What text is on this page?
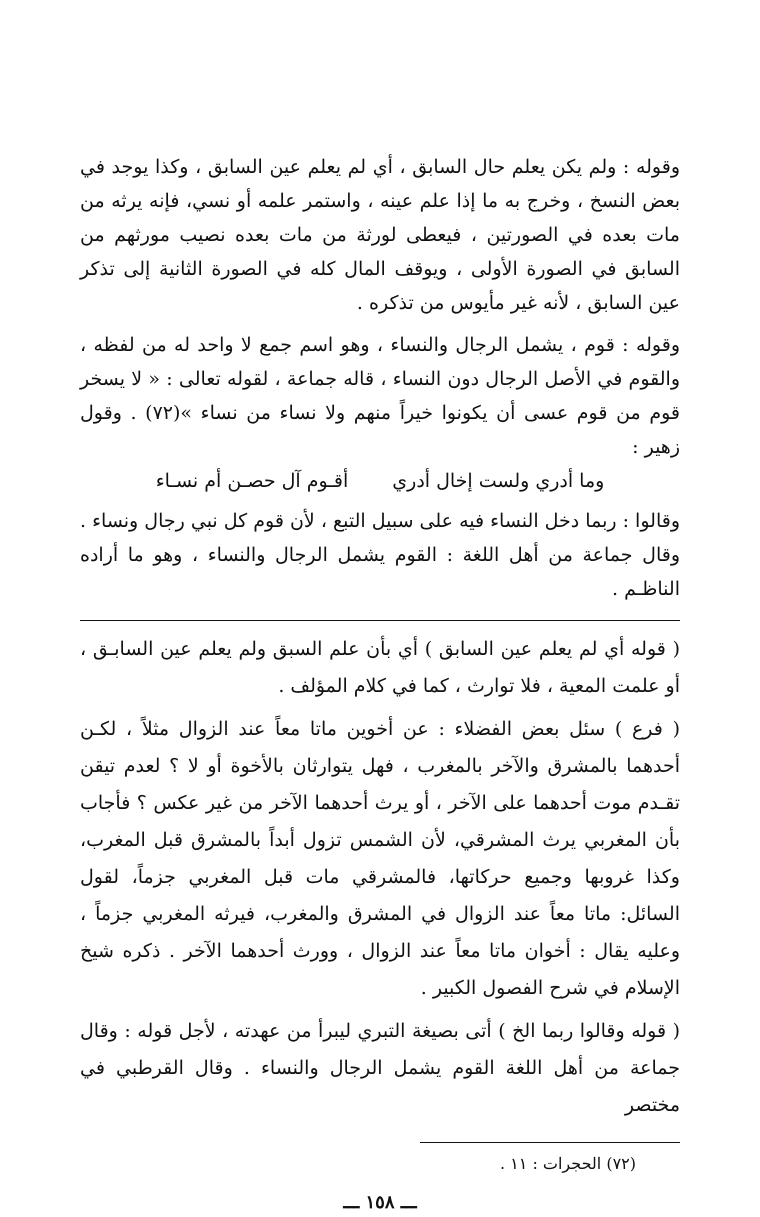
وقوله : ولم يكن يعلم حال السابق ، أي لم يعلم عين السابق ، وكذا يوجد في بعض النسخ ، وخرج به ما إذا علم عينه ، واستمر علمه أو نسي، فإنه يرثه من مات بعده في الصورتين ، فيعطى لورثة من مات بعده نصيب مورثهم من السابق في الصورة الأولى ، ويوقف المال كله في الصورة الثانية إلى تذكر عين السابق ، لأنه غير مأيوس من تذكره .

وقوله : قوم ، يشمل الرجال والنساء ، وهو اسم جمع لا واحد له من لفظه ، والقوم في الأصل الرجال دون النساء ، قاله جماعة ، لقوله تعالى : « لا يسخر قوم من قوم عسى أن يكونوا خيراً منهم ولا نساء من نساء »(٧٢) . وقول زهير :

وما أدري ولست إخال أدري
أقـوم آل حصـن أم نسـاء

وقالوا : ربما دخل النساء فيه على سبيل التبع ، لأن قوم كل نبي رجال ونساء . وقال جماعة من أهل اللغة : القوم يشمل الرجال والنساء ، وهو ما أراده الناظـم .

( قوله أي لم يعلم عين السابق ) أي بأن علم السبق ولم يعلم عين السابـق ، أو علمت المعية ، فلا توارث ، كما في كلام المؤلف .

( فرع ) سئل بعض الفضلاء : عن أخوين ماتا معاً عند الزوال مثلاً ، لكـن أحدهما بالمشرق والآخر بالمغرب ، فهل يتوارثان بالأخوة أو لا ؟ لعدم تيقن تقـدم موت أحدهما على الآخر ، أو يرث أحدهما الآخر من غير عكس ؟ فأجاب بأن المغربي يرث المشرقي، لأن الشمس تزول أبداً بالمشرق قبل المغرب، وكذا غروبها وجميع حركاتها، فالمشرقي مات قبل المغربي جزماً، لقول السائل: ماتا معاً عند الزوال في المشرق والمغرب، فيرثه المغربي جزماً ، وعليه يقال : أخوان ماتا معاً عند الزوال ، وورث أحدهما الآخر . ذكره شيخ الإسلام في شرح الفصول الكبير .

( قوله وقالوا ربما الخ ) أتى بصيغة التبري ليبرأ من عهدته ، لأجل قوله : وقال جماعة من أهل اللغة القوم يشمل الرجال والنساء . وقال القرطبي في مختصر

(٧٢) الحجرات : ١١ .

ـــ ١٥٨ ـــ
